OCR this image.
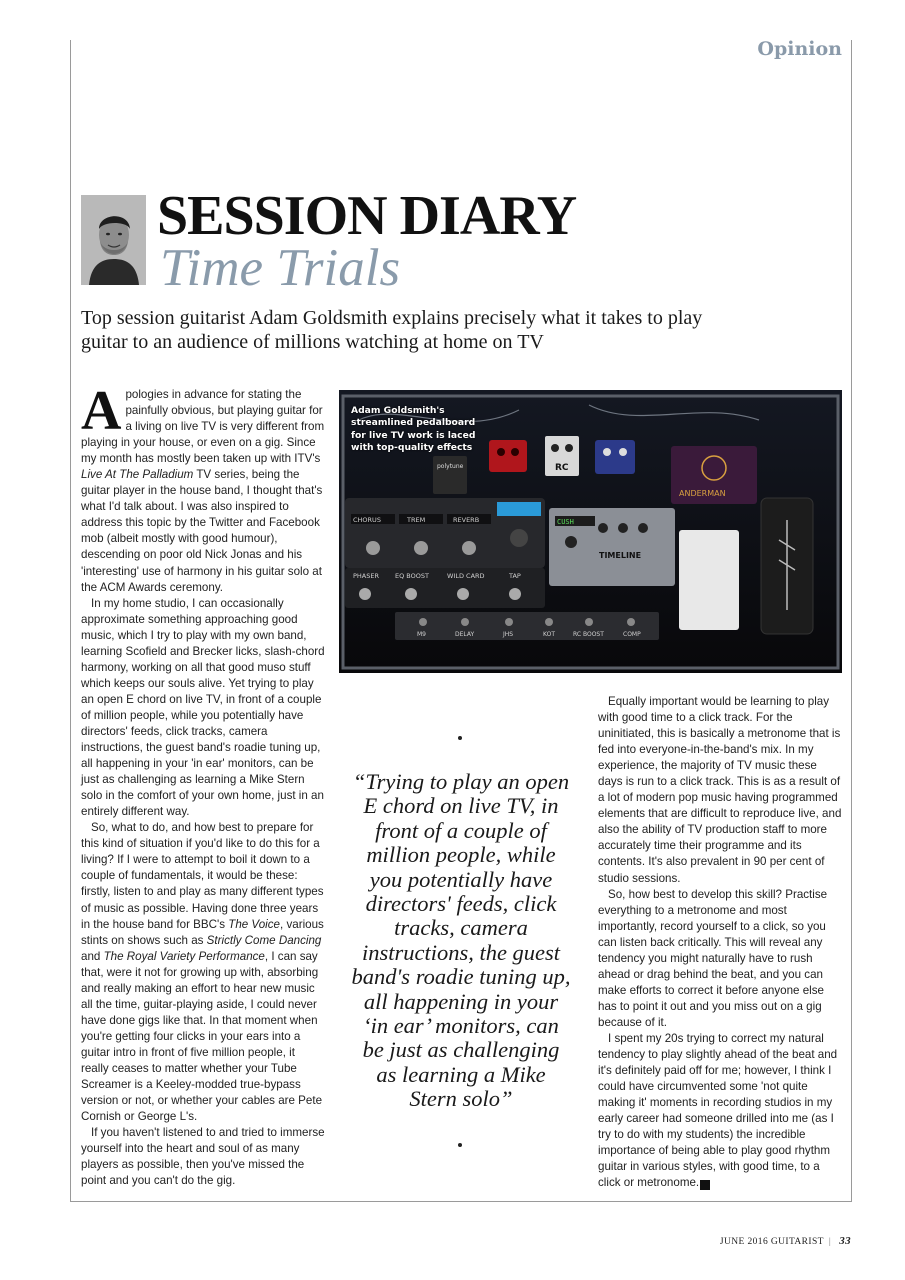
Opinion
SESSION DIARY
Time Trials
Top session guitarist Adam Goldsmith explains precisely what it takes to play guitar to an audience of millions watching at home on TV

Apologies in advance for stating the painfully obvious, but playing guitar for a living on live TV is very different from playing in your house, or even on a gig. Since my month has mostly been taken up with ITV's Live At The Palladium TV series, being the guitar player in the house band, I thought that's what I'd talk about. I was also inspired to address this topic by the Twitter and Facebook mob (albeit mostly with good humour), descending on poor old Nick Jonas and his 'interesting' use of harmony in his guitar solo at the ACM Awards ceremony.

In my home studio, I can occasionally approximate something approaching good music, which I try to play with my own band, learning Scofield and Brecker licks, slash-chord harmony, working on all that good muso stuff which keeps our souls alive. Yet trying to play an open E chord on live TV, in front of a couple of million people, while you potentially have directors' feeds, click tracks, camera instructions, the guest band's roadie tuning up, all happening in your 'in ear' monitors, can be just as challenging as learning a Mike Stern solo in the comfort of your own home, just in an entirely different way.

So, what to do, and how best to prepare for this kind of situation if you'd like to do this for a living? If I were to attempt to boil it down to a couple of fundamentals, it would be these: firstly, listen to and play as many different types of music as possible. Having done three years in the house band for BBC's The Voice, various stints on shows such as Strictly Come Dancing and The Royal Variety Performance, I can say that, were it not for growing up with, absorbing and really making an effort to hear new music all the time, guitar-playing aside, I could never have done gigs like that. In that moment when you're getting four clicks in your ears into a guitar intro in front of five million people, it really ceases to matter whether your Tube Screamer is a Keeley-modded true-bypass version or not, or whether your cables are Pete Cornish or George L's.

If you haven't listened to and tried to immerse yourself into the heart and soul of as many players as possible, then you've missed the point and you can't do the gig.

RC
polytune
ANDERMAN
CHORUS	TREM	REVERB
PHASER EQ BOOST	WILD CARD	TAP
CUSH
TIMELINE
M9	DELAY	JHS	KOT	RC BOOST	COMP
Adam Goldsmith's streamlined pedalboard for live TV work is laced with top-quality effects
“Trying to play an open E chord on live TV, in front of a couple of million people, while you potentially have directors' feeds, click tracks, camera instructions, the guest band's roadie tuning up, all happening in your ‘in ear’ monitors, can be just as challenging as learning a Mike Stern solo”

Equally important would be learning to play with good time to a click track. For the uninitiated, this is basically a metronome that is fed into everyone-in-the-band's mix. In my experience, the majority of TV music these days is run to a click track. This is as a result of a lot of modern pop music having programmed elements that are difficult to reproduce live, and also the ability of TV production staff to more accurately time their programme and its contents. It's also prevalent in 90 per cent of studio sessions.

So, how best to develop this skill? Practise everything to a metronome and most importantly, record yourself to a click, so you can listen back critically. This will reveal any tendency you might naturally have to rush ahead or drag behind the beat, and you can make efforts to correct it before anyone else has to point it out and you miss out on a gig because of it.

I spent my 20s trying to correct my natural tendency to play slightly ahead of the beat and it's definitely paid off for me; however, I think I could have circumvented some 'not quite making it' moments in recording studios in my early career had someone drilled into me (as I try to do with my students) the incredible importance of being able to play good rhythm guitar in various styles, with good time, to a click or metronome. G

JUNE 2016 GUITARIST | 33
